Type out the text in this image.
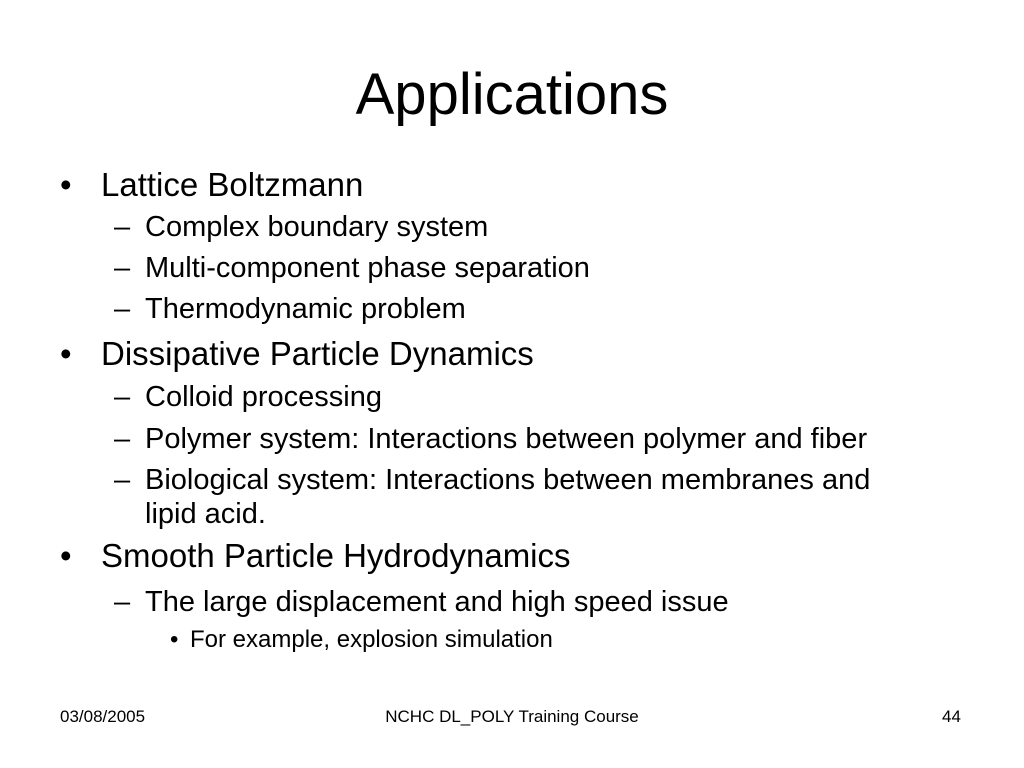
Applications
• Lattice Boltzmann
– Complex boundary system
– Multi-component phase separation
– Thermodynamic problem
• Dissipative Particle Dynamics
– Colloid processing
– Polymer system: Interactions between polymer and fiber
– Biological system: Interactions between membranes and
lipid acid.
• Smooth Particle Hydrodynamics
– The large displacement and high speed issue
• For example, explosion simulation
03/08/2005	NCHC DL_POLY Training Course	44
